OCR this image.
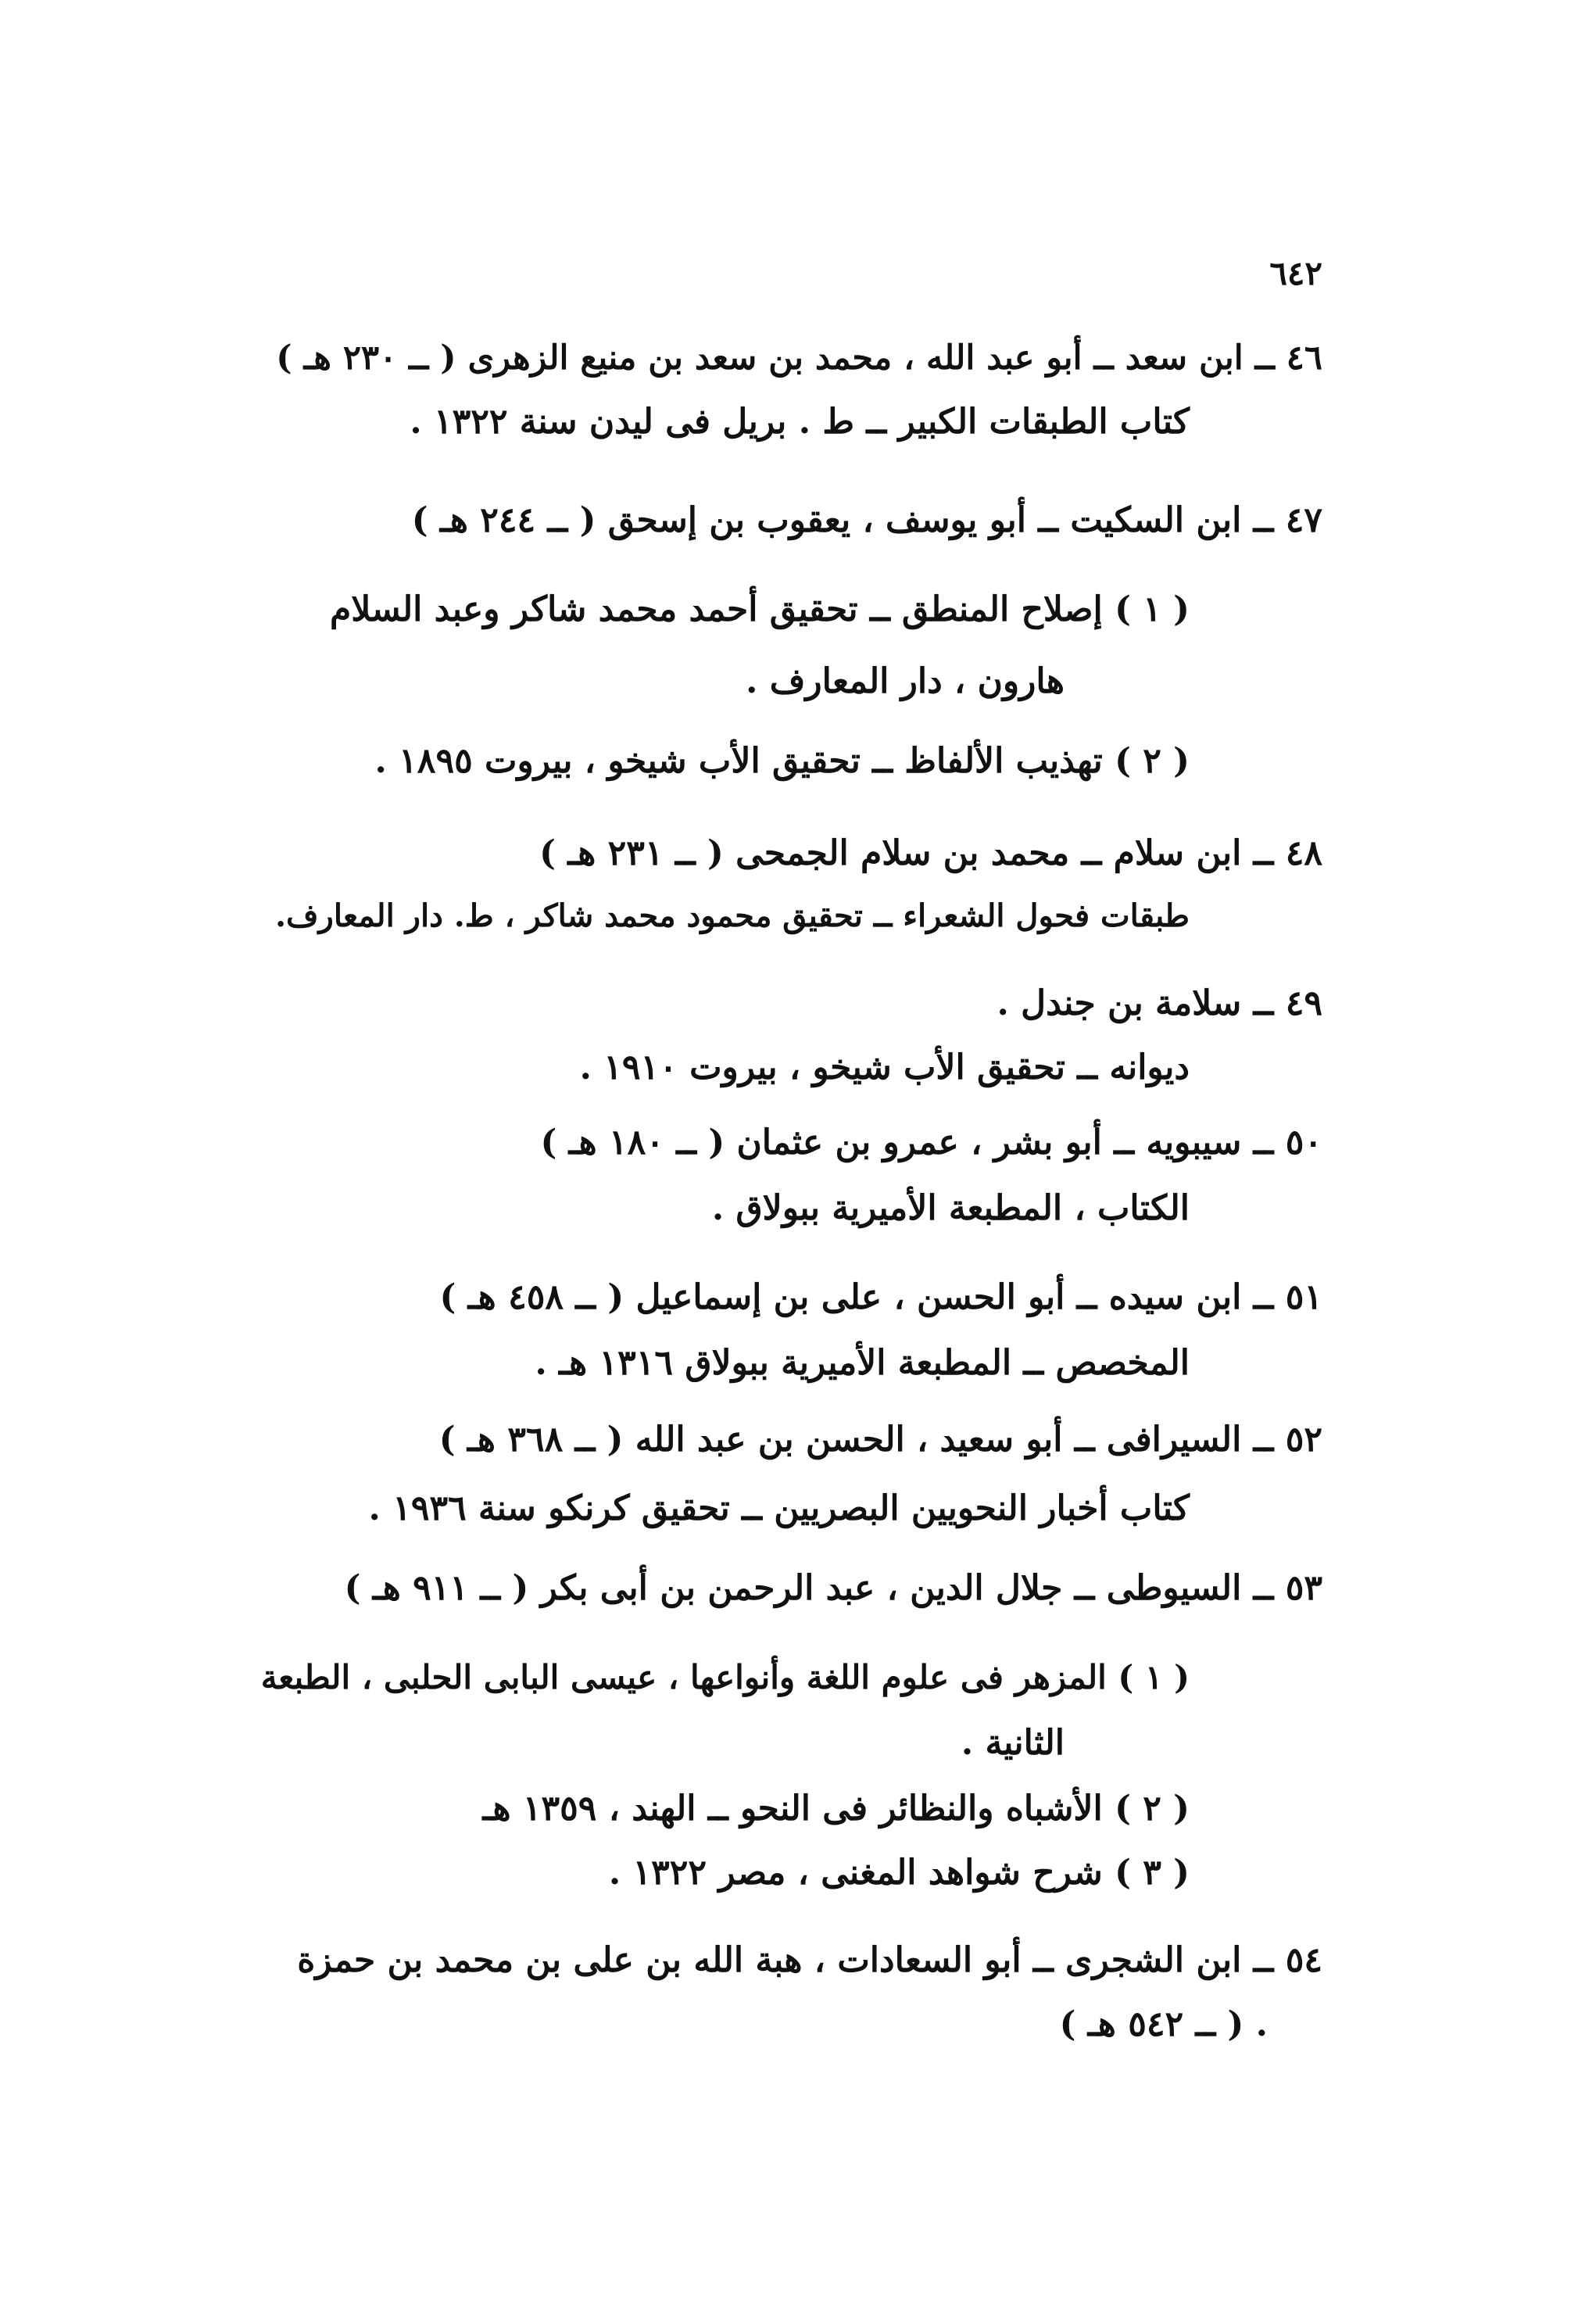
٦٤٢
٤٦ ــ ابن سعد ــ أبو عبد الله ، محمد بن سعد بن منيع الزهرى ( ــ ٢٣٠ هـ )
كتاب الطبقات الكبير ــ ط . بريل فى ليدن سنة ١٣٢٢ .
٤٧ ــ ابن السكيت ــ أبو يوسف ، يعقوب بن إسحق ( ــ ٢٤٤ هـ )
( ١ ) إصلاح المنطق ــ تحقيق أحمد محمد شاكر وعبد السلام
هارون ، دار المعارف .
( ٢ ) تهذيب الألفاظ ــ تحقيق الأب شيخو ، بيروت ١٨٩٥ .
٤٨ ــ ابن سلام ــ محمد بن سلام الجمحى ( ــ ٢٣١ هـ )
طبقات فحول الشعراء ــ تحقيق محمود محمد شاكر ، ط. دار المعارف.
٤٩ ــ سلامة بن جندل .
ديوانه ــ تحقيق الأب شيخو ، بيروت ١٩١٠ .
٥٠ ــ سيبويه ــ أبو بشر ، عمرو بن عثمان ( ــ ١٨٠ هـ )
الكتاب ، المطبعة الأميرية ببولاق .
٥١ ــ ابن سيده ــ أبو الحسن ، على بن إسماعيل ( ــ ٤٥٨ هـ )
المخصص ــ المطبعة الأميرية ببولاق ١٣١٦ هـ .
٥٢ ــ السيرافى ــ أبو سعيد ، الحسن بن عبد الله ( ــ ٣٦٨ هـ )
كتاب أخبار النحويين البصريين ــ تحقيق كرنكو سنة ١٩٣٦ .
٥٣ ــ السيوطى ــ جلال الدين ، عبد الرحمن بن أبى بكر ( ــ ٩١١ هـ )
( ١ ) المزهر فى علوم اللغة وأنواعها ، عيسى البابى الحلبى ، الطبعة
الثانية .
( ٢ ) الأشباه والنظائر فى النحو ــ الهند ، ١٣٥٩ هـ
( ٣ ) شرح شواهد المغنى ، مصر ١٣٢٢ .
٥٤ ــ ابن الشجرى ــ أبو السعادات ، هبة الله بن على بن محمد بن حمزة
. ( ــ ٥٤٢ هـ )
